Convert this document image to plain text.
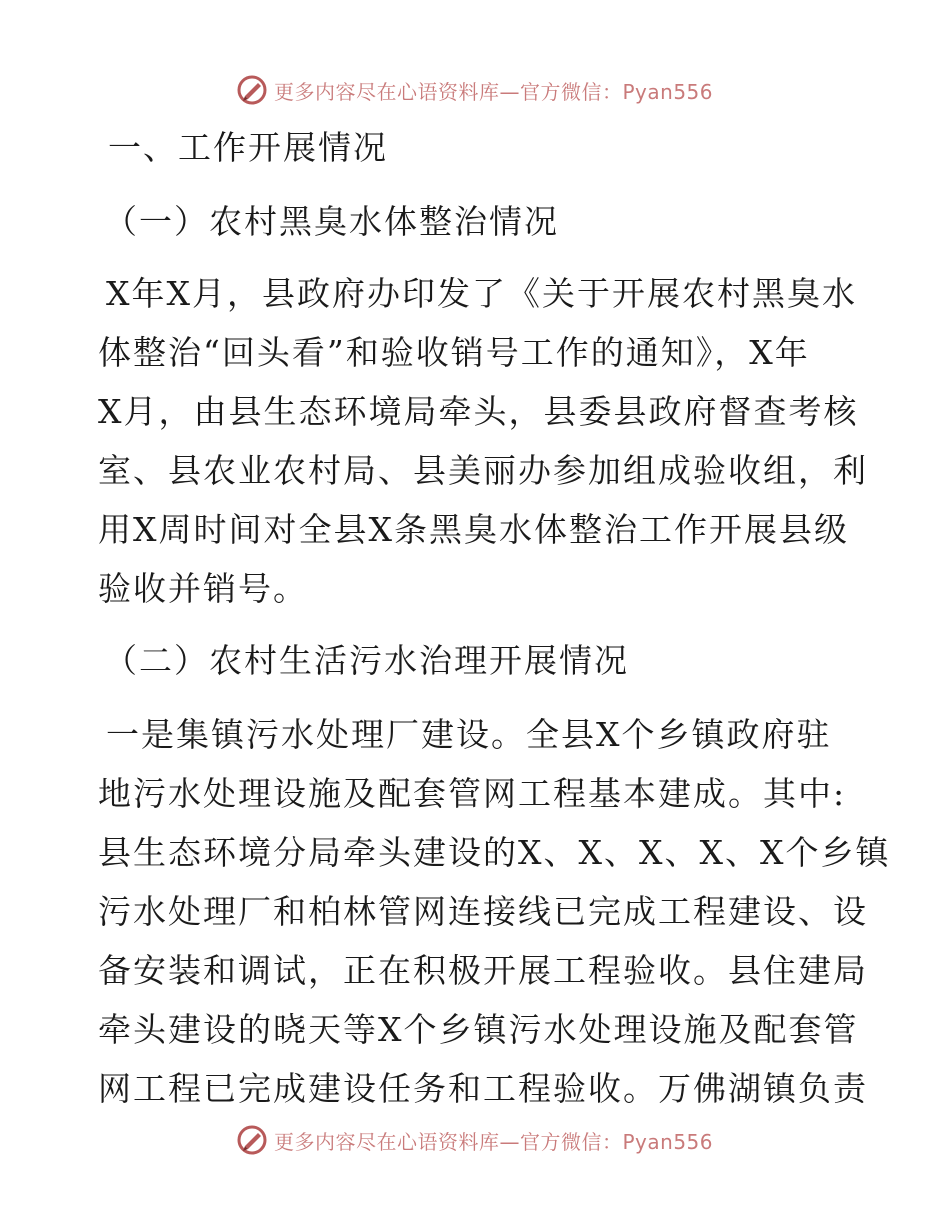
更多内容尽在心语资料库—官方微信：Pyan556
一、工作开展情况
（一）农村黑臭水体整治情况
X年X月，县政府办印发了《关于开展农村黑臭水
体整治“回头看”和验收销号工作的通知》，X年
X月，由县生态环境局牵头，县委县政府督查考核
室、县农业农村局、县美丽办参加组成验收组，利
用X周时间对全县X条黑臭水体整治工作开展县级
验收并销号。
（二）农村生活污水治理开展情况
一是集镇污水处理厂建设。全县X个乡镇政府驻
地污水处理设施及配套管网工程基本建成。其中:
县生态环境分局牵头建设的X、X、X、X、X个乡镇
污水处理厂和柏林管网连接线已完成工程建设、设
备安装和调试，正在积极开展工程验收。县住建局
牵头建设的晓天等X个乡镇污水处理设施及配套管
网工程已完成建设任务和工程验收。万佛湖镇负责
更多内容尽在心语资料库—官方微信：Pyan556
